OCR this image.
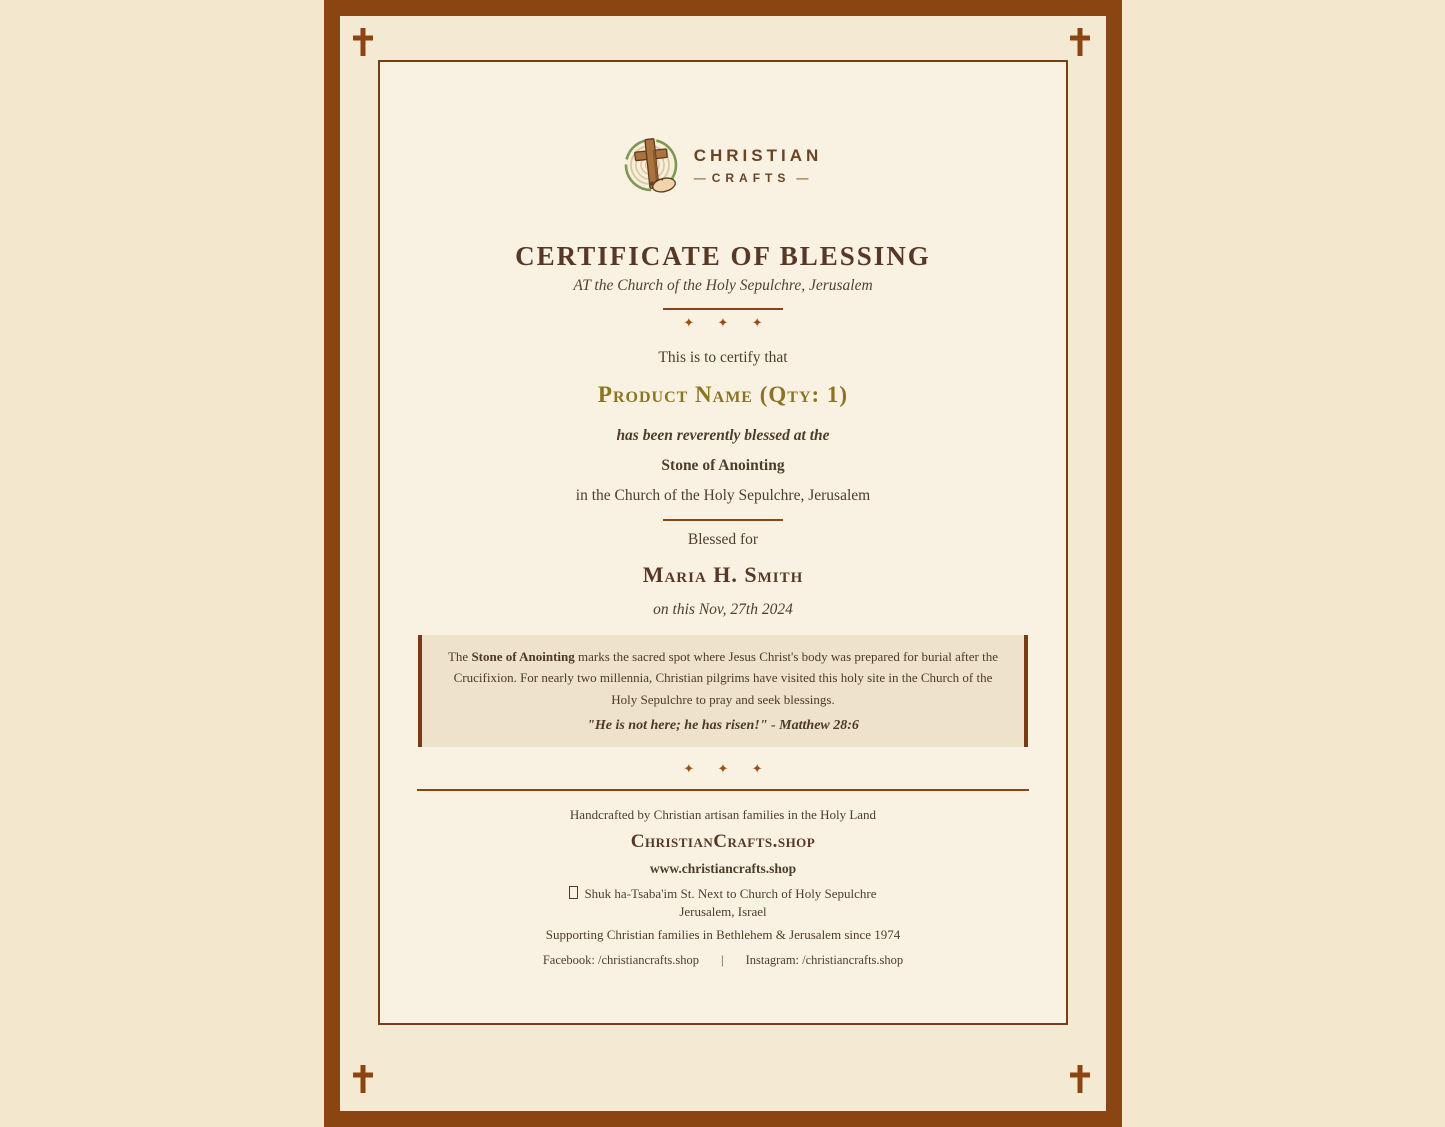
CHRISTIAN
— CRAFTS —
CERTIFICATE OF BLESSING
AT the Church of the Holy Sepulchre, Jerusalem
✦ ✦ ✦
This is to certify that
Product Name (Qty: 1)
has been reverently blessed at the
Stone of Anointing
in the Church of the Holy Sepulchre, Jerusalem
Blessed for
Maria H. Smith
on this Nov, 27th 2024

The Stone of Anointing marks the sacred spot where Jesus Christ's body was prepared for burial after the Crucifixion. For nearly two millennia, Christian pilgrims have visited this holy site in the Church of the Holy Sepulchre to pray and seek blessings.

"He is not here; he has risen!" - Matthew 28:6
✦ ✦ ✦
Handcrafted by Christian artisan families in the Holy Land
ChristianCrafts.shop
www.christiancrafts.shop
Shuk ha-Tsaba'im St. Next to Church of Holy Sepulchre
Jerusalem, Israel
Supporting Christian families in Bethlehem & Jerusalem since 1974
Facebook: /christiancrafts.shop | Instagram: /christiancrafts.shop
